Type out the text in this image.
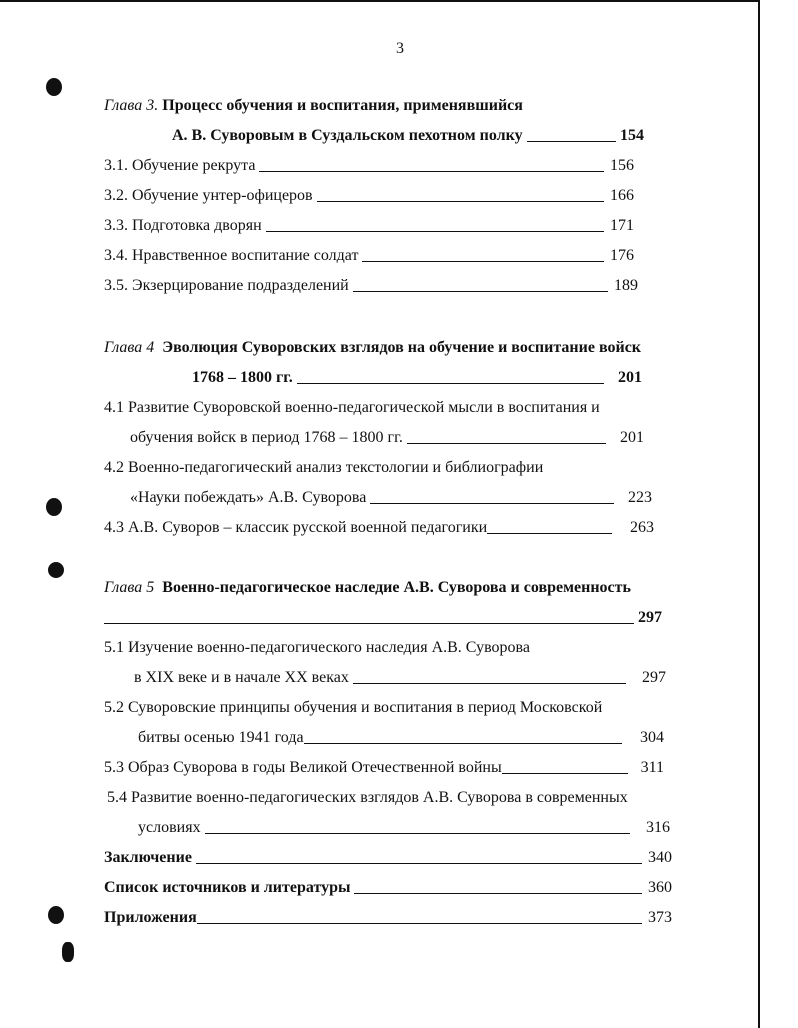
3
Глава 3.
Процесс обучения и воспитания, применявшийся
А. В. Суворовым в Суздальском пехотном полку	154
3.1. Обучение рекрута	156
3.2. Обучение унтер-офицеров	166
3.3. Подготовка дворян	171
3.4. Нравственное воспитание солдат	176
3.5. Экзерцирование подразделений	189
Глава 4
Эволюция Суворовских взглядов на обучение и воспитание войск
1768 – 1800 гг.	201
4.1 Развитие Суворовской военно-педагогической мысли в воспитания и
обучения войск в период 1768 – 1800 гг.	201
4.2 Военно-педагогический анализ текстологии и библиографии
«Науки побеждать» А.В. Суворова	223
4.3 А.В. Суворов – классик русской военной педагогики	263
Глава 5
Военно-педагогическое наследие А.В. Суворова и современность
297
5.1 Изучение военно-педагогического наследия А.В. Суворова
в XIX веке и в начале XX веках	297
5.2 Суворовские принципы обучения и воспитания в период Московской
битвы осенью 1941 года	304
5.3 Образ Суворова в годы Великой Отечественной войны	311
5.4 Развитие военно-педагогических взглядов А.В. Суворова в современных
условиях	316
Заключение	340
Список источников и литературы	360
Приложения	373
